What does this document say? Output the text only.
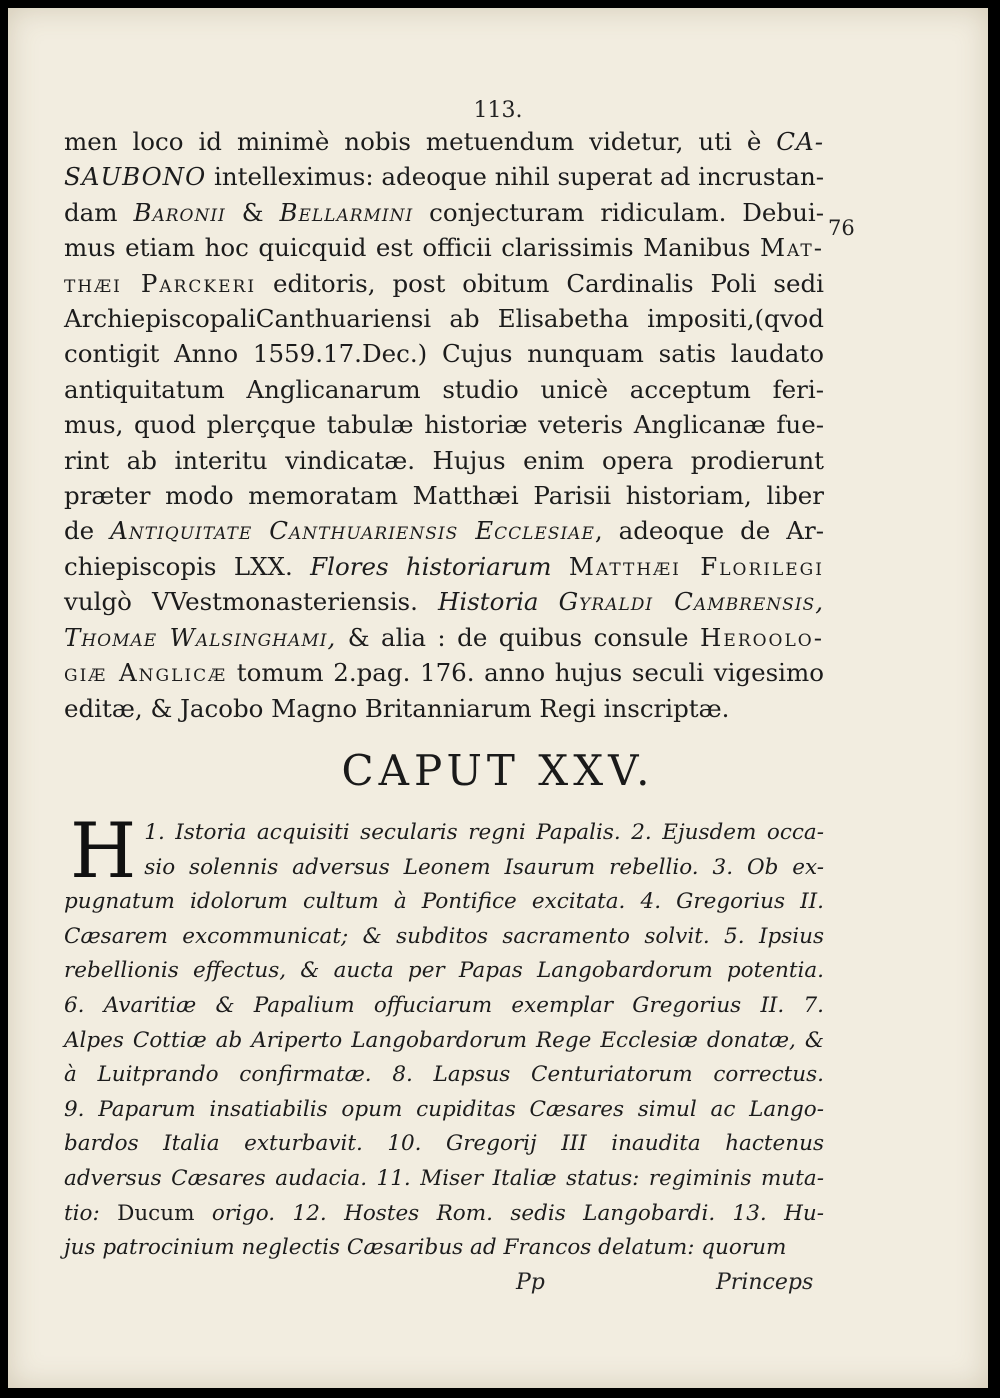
113.
76
men loco id minimè nobis metuendum videtur, uti è CA-
SAUBONO intelleximus: adeoque nihil superat ad incrustan-
dam Baronii & Bellarmini conjecturam ridiculam. Debui-
mus etiam hoc quicquid est officii clarissimis Manibus Mat-
thæi Parckeri editoris, post obitum Cardinalis Poli sedi
ArchiepiscopaliCanthuariensi ab Elisabetha impositi,(qvod
contigit Anno 1559.17.Dec.) Cujus nunquam satis laudato
antiquitatum Anglicanarum studio unicè acceptum feri-
mus, quod plerçque tabulæ historiæ veteris Anglicanæ fue-
rint ab interitu vindicatæ. Hujus enim opera prodierunt
præter modo memoratam Matthæi Parisii historiam, liber
de Antiquitate Canthuariensis Ecclesiae, adeoque de Ar-
chiepiscopis LXX. Flores historiarum Matthæi Florilegi
vulgò VVestmonasteriensis. Historia Gyraldi Cambrensis,
Thomae Walsinghami, & alia : de quibus consule Heroolo-
giæ Anglicæ tomum 2.pag. 176. anno hujus seculi vigesimo
editæ, & Jacobo Magno Britanniarum Regi inscriptæ.
CAPUT XXV.
H 1. Istoria acquisiti secularis regni Papalis. 2. Ejusdem occa-
sio solennis adversus Leonem Isaurum rebellio. 3. Ob ex-
pugnatum idolorum cultum à Pontifice excitata. 4. Gregorius II.
Cæsarem excommunicat; & subditos sacramento solvit. 5. Ipsius
rebellionis effectus, & aucta per Papas Langobardorum potentia.
6. Avaritiæ & Papalium offuciarum exemplar Gregorius II. 7.
Alpes Cottiæ ab Ariperto Langobardorum Rege Ecclesiæ donatæ, &
à Luitprando confirmatæ. 8. Lapsus Centuriatorum correctus.
9. Paparum insatiabilis opum cupiditas Cæsares simul ac Lango-
bardos Italia exturbavit. 10. Gregorij III inaudita hactenus
adversus Cæsares audacia. 11. Miser Italiæ status: regiminis muta-
tio: Ducum origo. 12. Hostes Rom. sedis Langobardi. 13. Hu-
jus patrocinium neglectis Cæsaribus ad Francos delatum: quorum
Pp	Princeps
